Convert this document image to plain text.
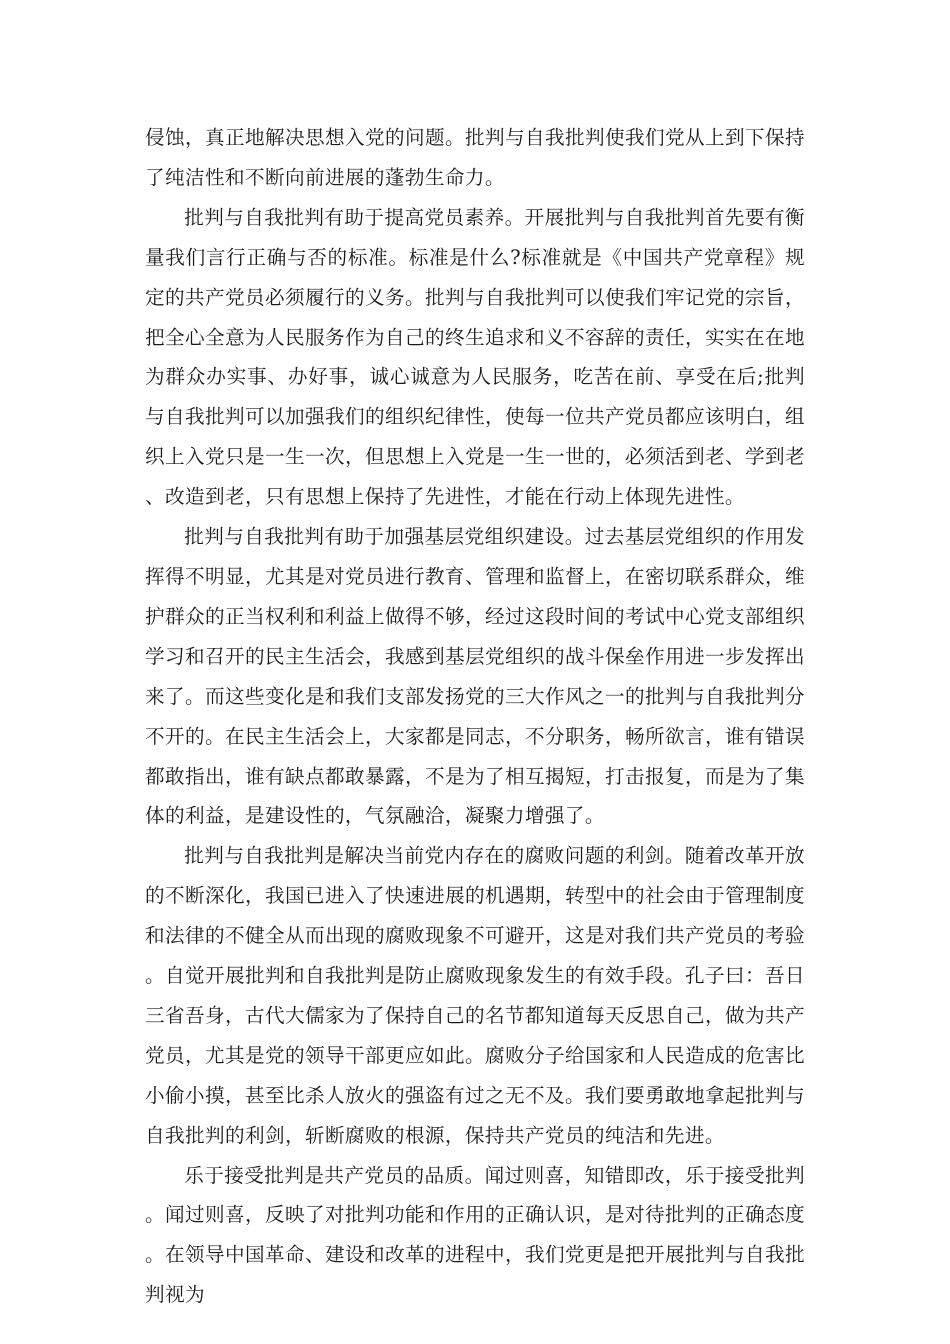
侵蚀，真正地解决思想入党的问题。批判与自我批判使我们党从上到下保持了纯洁性和不断向前进展的蓬勃生命力。

批判与自我批判有助于提高党员素养。开展批判与自我批判首先要有衡量我们言行正确与否的标准。标准是什么?标准就是《中国共产党章程》规定的共产党员必须履行的义务。批判与自我批判可以使我们牢记党的宗旨，把全心全意为人民服务作为自己的终生追求和义不容辞的责任，实实在在地为群众办实事、办好事，诚心诚意为人民服务，吃苦在前、享受在后;批判与自我批判可以加强我们的组织纪律性，使每一位共产党员都应该明白，组织上入党只是一生一次，但思想上入党是一生一世的，必须活到老、学到老、改造到老，只有思想上保持了先进性，才能在行动上体现先进性。

批判与自我批判有助于加强基层党组织建设。过去基层党组织的作用发挥得不明显，尤其是对党员进行教育、管理和监督上，在密切联系群众，维护群众的正当权利和利益上做得不够，经过这段时间的考试中心党支部组织学习和召开的民主生活会，我感到基层党组织的战斗保垒作用进一步发挥出来了。而这些变化是和我们支部发扬党的三大作风之一的批判与自我批判分不开的。在民主生活会上，大家都是同志，不分职务，畅所欲言，谁有错误都敢指出，谁有缺点都敢暴露，不是为了相互揭短，打击报复，而是为了集体的利益，是建设性的，气氛融洽，凝聚力增强了。

批判与自我批判是解决当前党内存在的腐败问题的利剑。随着改革开放的不断深化，我国已进入了快速进展的机遇期，转型中的社会由于管理制度和法律的不健全从而出现的腐败现象不可避开，这是对我们共产党员的考验。自觉开展批判和自我批判是防止腐败现象发生的有效手段。孔子曰：吾日三省吾身，古代大儒家为了保持自己的名节都知道每天反思自己，做为共产党员，尤其是党的领导干部更应如此。腐败分子给国家和人民造成的危害比小偷小摸，甚至比杀人放火的强盗有过之无不及。我们要勇敢地拿起批判与自我批判的利剑，斩断腐败的根源，保持共产党员的纯洁和先进。

乐于接受批判是共产党员的品质。闻过则喜，知错即改，乐于接受批判。闻过则喜，反映了对批判功能和作用的正确认识，是对待批判的正确态度。在领导中国革命、建设和改革的进程中，我们党更是把开展批判与自我批判视为
